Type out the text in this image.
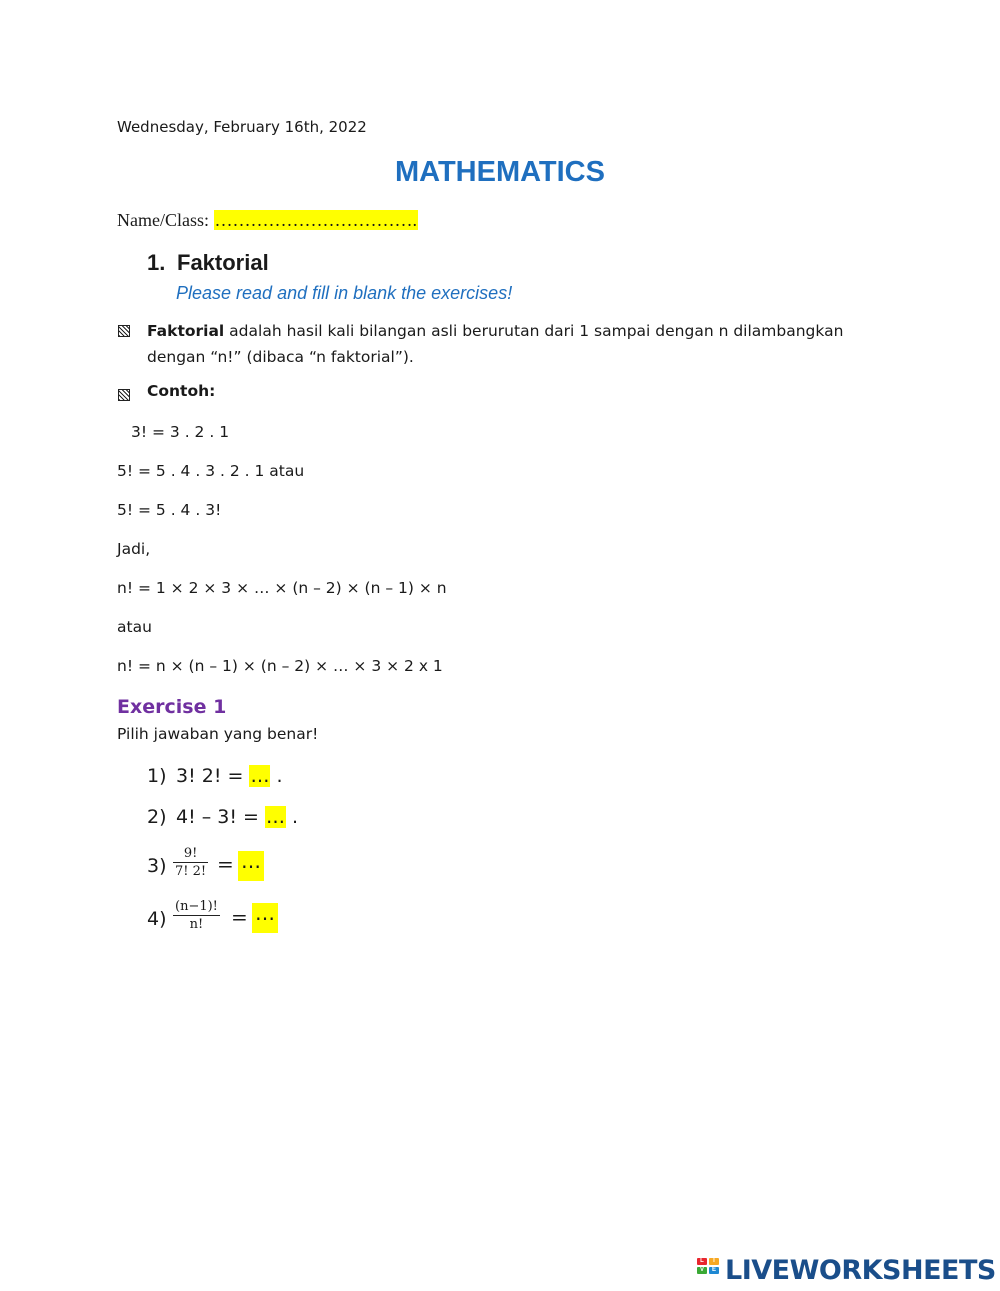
Wednesday, February 16th, 2022
MATHEMATICS
Name/Class: …………………………….
1. Faktorial
Please read and fill in blank the exercises!
Faktorial adalah hasil kali bilangan asli berurutan dari 1 sampai dengan n dilambangkan dengan “n!” (dibaca “n faktorial”).
Contoh:
3! = 3 . 2 . 1
5! = 5 . 4 . 3 . 2 . 1 atau
5! = 5 . 4 . 3!
Jadi,
n! = 1 × 2 × 3 × … × (n – 2) × (n – 1) × n
atau
n! = n × (n – 1) × (n – 2) × … × 3 × 2 x 1
Exercise 1
Pilih jawaban yang benar!
1) 3! 2! = … .
2) 4! – 3! = … .
3)
9!
7! 2! = ⋯
4)
(n−1)!
n!	= ⋯
L	I
V	E LIVEWORKSHEETS
